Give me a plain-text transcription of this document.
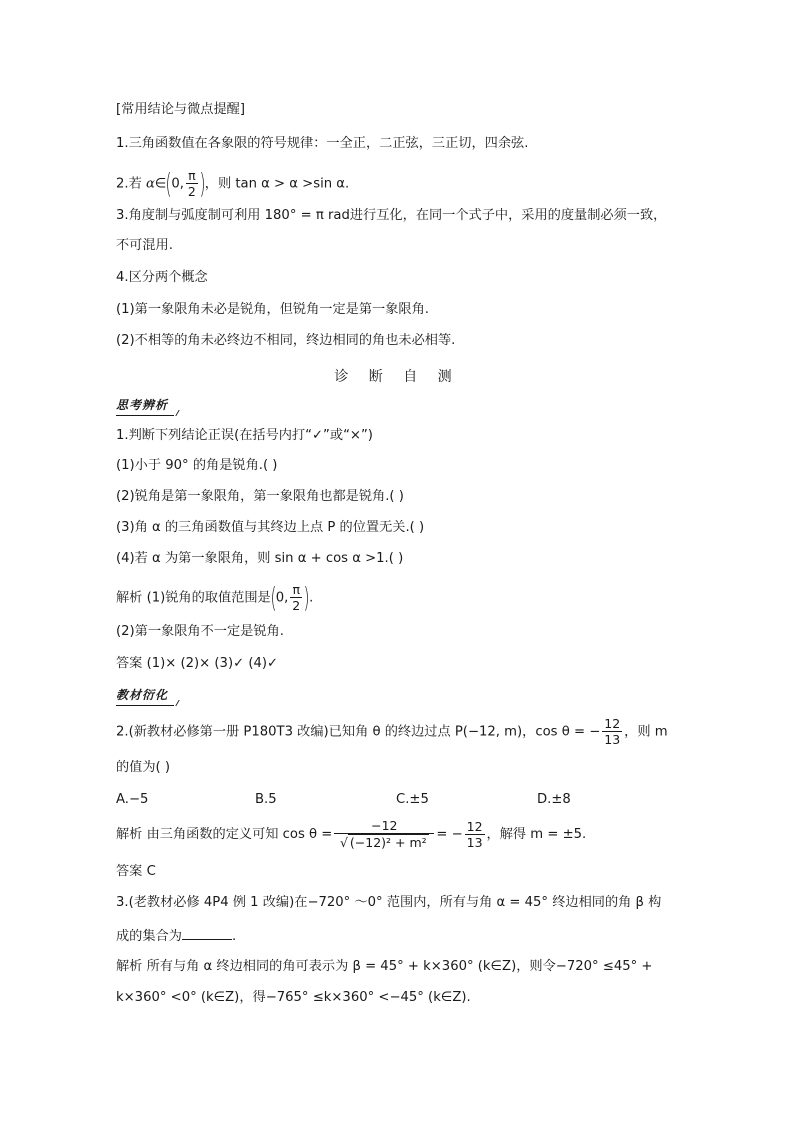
[常用结论与微点提醒]
1.三角函数值在各象限的符号规律：一全正，二正弦，三正切，四余弦.
2.若 α∈(0, $\frac{\pi}{2}$ )，则 tan α > α >sin α.
3.角度制与弧度制可利用 180° = π rad进行互化，在同一个式子中，采用的度量制必须一致，
不可混用.
4.区分两个概念
(1)第一象限角未必是锐角，但锐角一定是第一象限角.
(2)不相等的角未必终边不相同，终边相同的角也未必相等.
诊 断 自 测
思考辨析
1.判断下列结论正误(在括号内打“✓”或“×”)
(1)小于 90° 的角是锐角.( )
(2)锐角是第一象限角，第一象限角也都是锐角.( )
(3)角 α 的三角函数值与其终边上点 P 的位置无关.( )
(4)若 α 为第一象限角，则 sin α + cos α >1.( )
解析 (1)锐角的取值范围是(0, $\frac{\pi}{2}$ ).
(2)第一象限角不一定是锐角.
答案 (1)× (2)× (3)✓ (4)✓
教材衍化
2.(新教材必修第一册 P180T3 改编)已知角 θ 的终边过点 P(−12, m)，cos θ = − $\frac{12}{13}$ ，则 m
的值为( )
A.−5	B.5	C.±5	D.±8
解析 由三角函数的定义可知 $\cos \theta = \frac{-12}{\text{√ (−12)² + m²}}$ = − $\frac{12}{13}$ ，解得 m = ±5.
答案 C
3.(老教材必修 4P4 例 1 改编)在−720° ～0° 范围内，所有与角 α = 45° 终边相同的角 β 构
成的集合为	.
解析 所有与角 α 终边相同的角可表示为 β = 45° + k×360° (k∈Z)，则令−720° ≤45° +
k×360° <0° (k∈Z)，得−765° ≤k×360° <−45° (k∈Z).
